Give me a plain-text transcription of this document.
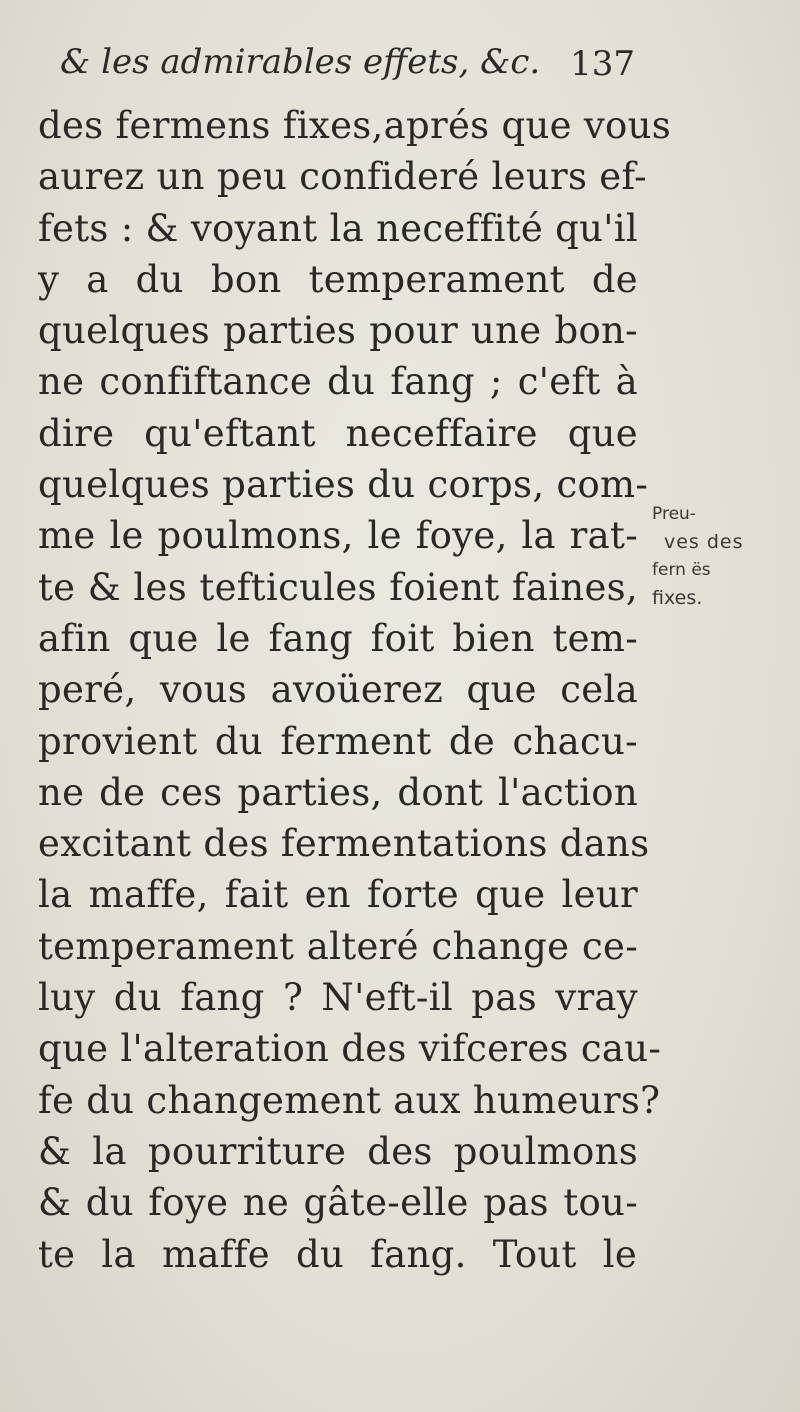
& les admirables effets, &c. 137
des fermens fixes,aprés que vous
aurez un peu confideré leurs ef-
fets : & voyant la neceffité qu'il
y a du bon temperament de
quelques parties pour une bon-
ne confiftance du fang ; c'eft à
dire qu'eftant neceffaire que
quelques parties du corps, com-
me le poulmons, le foye, la rat-
te & les tefticules foient faines,
afin que le fang foit bien tem-
peré, vous avoüerez que cela
provient du ferment de chacu-
ne de ces parties, dont l'action
excitant des fermentations dans
la maffe, fait en forte que leur
temperament alteré change ce-
luy du fang ? N'eft-il pas vray
que l'alteration des vifceres cau-
fe du changement aux humeurs?
& la pourriture des poulmons
& du foye ne gâte-elle pas tou-
te la maffe du fang. Tout le
Preu-
ves des
fern ës
fixes.
